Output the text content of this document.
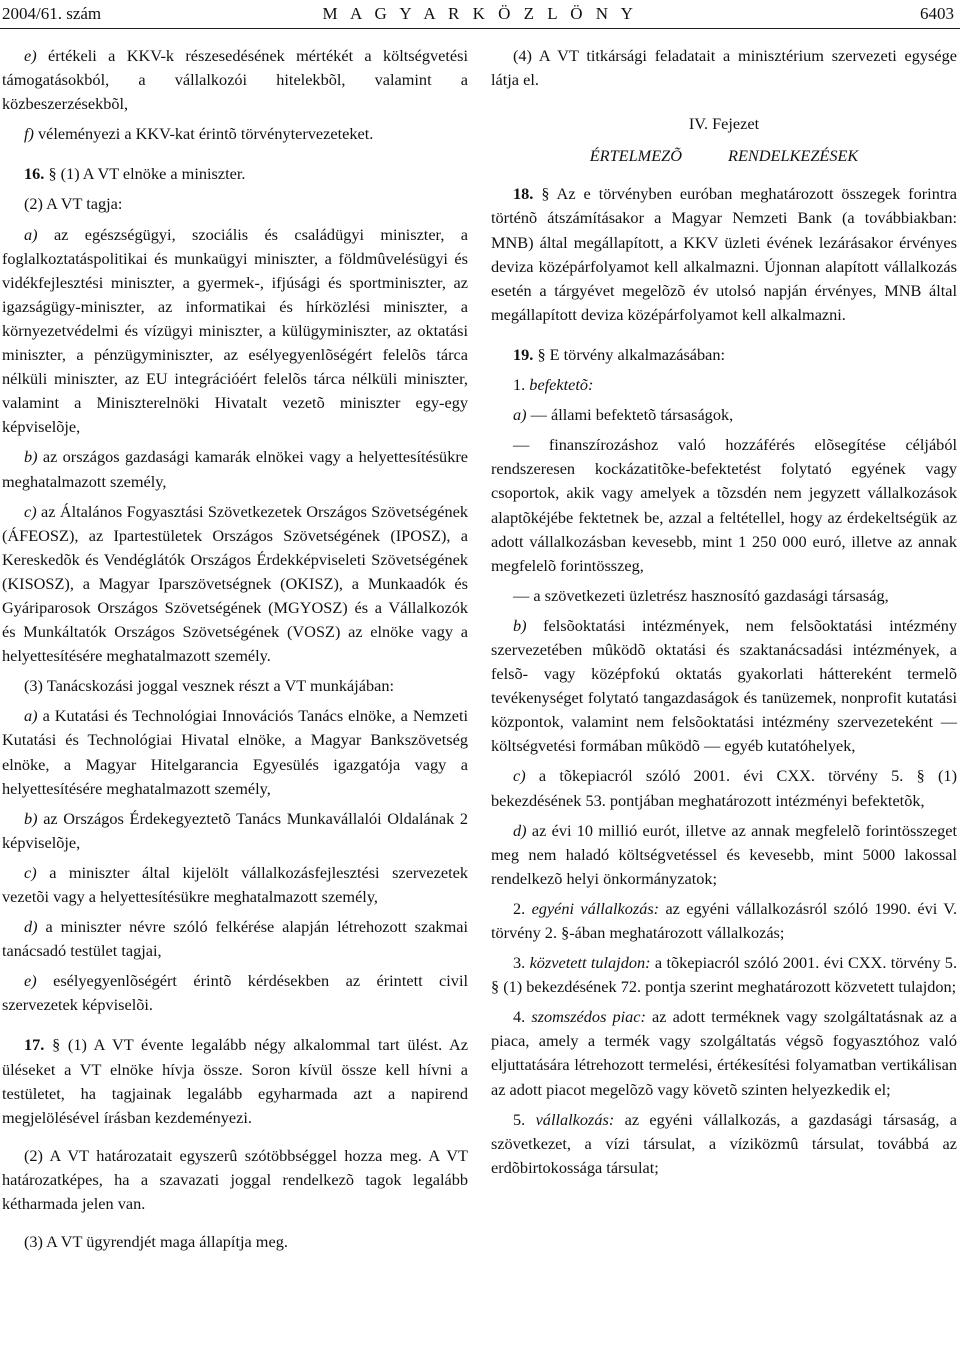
2004/61. szám	M A G Y A R K Ö Z L Ö N Y	6403

e) értékeli a KKV-k részesedésének mértékét a költségvetési támogatásokból, a vállalkozói hitelekbõl, valamint a közbeszerzésekbõl,

f) véleményezi a KKV-kat érintõ törvénytervezeteket.

16. § (1) A VT elnöke a miniszter.

(2) A VT tagja:

a) az egészségügyi, szociális és családügyi miniszter, a foglalkoztatáspolitikai és munkaügyi miniszter, a földmûvelésügyi és vidékfejlesztési miniszter, a gyermek-, ifjúsági és sportminiszter, az igazságügy-miniszter, az informatikai és hírközlési miniszter, a környezetvédelmi és vízügyi miniszter, a külügyminiszter, az oktatási miniszter, a pénzügyminiszter, az esélyegyenlõségért felelõs tárca nélküli miniszter, az EU integrációért felelõs tárca nélküli miniszter, valamint a Miniszterelnöki Hivatalt vezetõ miniszter egy-egy képviselõje,

b) az országos gazdasági kamarák elnökei vagy a helyettesítésükre meghatalmazott személy,

c) az Általános Fogyasztási Szövetkezetek Országos Szövetségének (ÁFEOSZ), az Ipartestületek Országos Szövetségének (IPOSZ), a Kereskedõk és Vendéglátók Országos Érdekképviseleti Szövetségének (KISOSZ), a Magyar Iparszövetségnek (OKISZ), a Munkaadók és Gyáriparosok Országos Szövetségének (MGYOSZ) és a Vállalkozók és Munkáltatók Országos Szövetségének (VOSZ) az elnöke vagy a helyettesítésére meghatalmazott személy.

(3) Tanácskozási joggal vesznek részt a VT munkájában:

a) a Kutatási és Technológiai Innovációs Tanács elnöke, a Nemzeti Kutatási és Technológiai Hivatal elnöke, a Magyar Bankszövetség elnöke, a Magyar Hitelgarancia Egyesülés igazgatója vagy a helyettesítésére meghatalmazott személy,

b) az Országos Érdekegyeztetõ Tanács Munkavállalói Oldalának 2 képviselõje,

c) a miniszter által kijelölt vállalkozásfejlesztési szervezetek vezetõi vagy a helyettesítésükre meghatalmazott személy,

d) a miniszter névre szóló felkérése alapján létrehozott szakmai tanácsadó testület tagjai,

e) esélyegyenlõségért érintõ kérdésekben az érintett civil szervezetek képviselõi.

17. § (1) A VT évente legalább négy alkalommal tart ülést. Az üléseket a VT elnöke hívja össze. Soron kívül össze kell hívni a testületet, ha tagjainak legalább egyharmada azt a napirend megjelölésével írásban kezdeményezi.

(2) A VT határozatait egyszerû szótöbbséggel hozza meg. A VT határozatképes, ha a szavazati joggal rendelkezõ tagok legalább kétharmada jelen van.

(3) A VT ügyrendjét maga állapítja meg.

(4) A VT titkársági feladatait a minisztérium szervezeti egysége látja el.

IV. Fejezet

ÉRTELMEZÕ RENDELKEZÉSEK

18. § Az e törvényben euróban meghatározott összegek forintra történõ átszámításakor a Magyar Nemzeti Bank (a továbbiakban: MNB) által megállapított, a KKV üzleti évének lezárásakor érvényes deviza középárfolyamot kell alkalmazni. Újonnan alapított vállalkozás esetén a tárgyévet megelõzõ év utolsó napján érvényes, MNB által megállapított deviza középárfolyamot kell alkalmazni.

19. § E törvény alkalmazásában:

1. befektetõ:

a) — állami befektetõ társaságok,

— finanszírozáshoz való hozzáférés elõsegítése céljából rendszeresen kockázatitõke-befektetést folytató egyének vagy csoportok, akik vagy amelyek a tõzsdén nem jegyzett vállalkozások alaptõkéjébe fektetnek be, azzal a feltétellel, hogy az érdekeltségük az adott vállalkozásban kevesebb, mint 1 250 000 euró, illetve az annak megfelelõ forintösszeg,

— a szövetkezeti üzletrész hasznosító gazdasági társaság,

b) felsõoktatási intézmények, nem felsõoktatási intézmény szervezetében mûködõ oktatási és szaktanácsadási intézmények, a felsõ- vagy középfokú oktatás gyakorlati háttereként termelõ tevékenységet folytató tangazdaságok és tanüzemek, nonprofit kutatási központok, valamint nem felsõoktatási intézmény szervezeteként — költségvetési formában mûködõ — egyéb kutatóhelyek,

c) a tõkepiacról szóló 2001. évi CXX. törvény 5. § (1) bekezdésének 53. pontjában meghatározott intézményi befektetõk,

d) az évi 10 millió eurót, illetve az annak megfelelõ forintösszeget meg nem haladó költségvetéssel és kevesebb, mint 5000 lakossal rendelkezõ helyi önkormányzatok;

2. egyéni vállalkozás: az egyéni vállalkozásról szóló 1990. évi V. törvény 2. §-ában meghatározott vállalkozás;

3. közvetett tulajdon: a tõkepiacról szóló 2001. évi CXX. törvény 5. § (1) bekezdésének 72. pontja szerint meghatározott közvetett tulajdon;

4. szomszédos piac: az adott terméknek vagy szolgáltatásnak az a piaca, amely a termék vagy szolgáltatás végsõ fogyasztóhoz való eljuttatására létrehozott termelési, értékesítési folyamatban vertikálisan az adott piacot megelõzõ vagy követõ szinten helyezkedik el;

5. vállalkozás: az egyéni vállalkozás, a gazdasági társaság, a szövetkezet, a vízi társulat, a víziközmû társulat, továbbá az erdõbirtokossága társulat;
